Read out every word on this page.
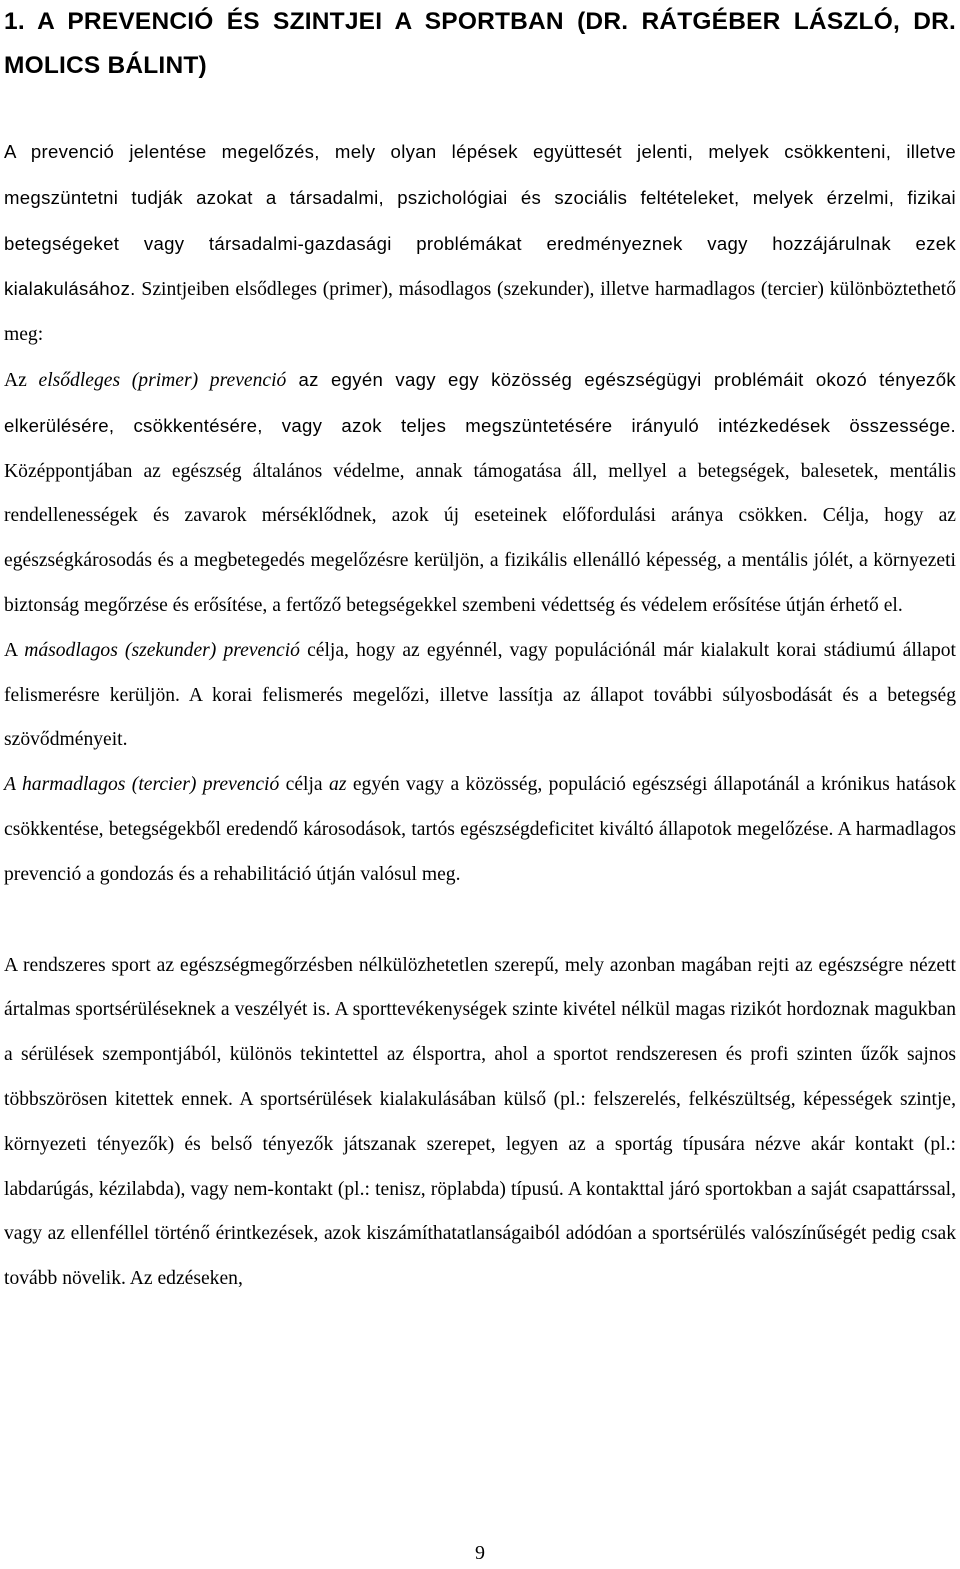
1. A PREVENCIÓ ÉS SZINTJEI A SPORTBAN (DR. RÁTGÉBER LÁSZLÓ, DR. MOLICS BÁLINT)

A prevenció jelentése megelőzés, mely olyan lépések együttesét jelenti, melyek csökkenteni, illetve megszüntetni tudják azokat a társadalmi, pszichológiai és szociális feltételeket, melyek érzelmi, fizikai betegségeket vagy társadalmi-gazdasági problémákat eredményeznek vagy hozzájárulnak ezek kialakulásához. Szintjeiben elsődleges (primer), másodlagos (szekunder), illetve harmadlagos (tercier) különböztethető meg:

Az elsődleges (primer) prevenció az egyén vagy egy közösség egészségügyi problémáit okozó tényezők elkerülésére, csökkentésére, vagy azok teljes megszüntetésére irányuló intézkedések összessége. Középpontjában az egészség általános védelme, annak támogatása áll, mellyel a betegségek, balesetek, mentális rendellenességek és zavarok mérséklődnek, azok új eseteinek előfordulási aránya csökken. Célja, hogy az egészségkárosodás és a megbetegedés megelőzésre kerüljön, a fizikális ellenálló képesség, a mentális jólét, a környezeti biztonság megőrzése és erősítése, a fertőző betegségekkel szembeni védettség és védelem erősítése útján érhető el.

A másodlagos (szekunder) prevenció célja, hogy az egyénnél, vagy populációnál már kialakult korai stádiumú állapot felismerésre kerüljön. A korai felismerés megelőzi, illetve lassítja az állapot további súlyosbodását és a betegség szövődményeit.

A harmadlagos (tercier) prevenció célja az egyén vagy a közösség, populáció egészségi állapotánál a krónikus hatások csökkentése, betegségekből eredendő károsodások, tartós egészségdeficitet kiváltó állapotok megelőzése. A harmadlagos prevenció a gondozás és a rehabilitáció útján valósul meg.

A rendszeres sport az egészségmegőrzésben nélkülözhetetlen szerepű, mely azonban magában rejti az egészségre nézett ártalmas sportsérüléseknek a veszélyét is. A sporttevékenységek szinte kivétel nélkül magas rizikót hordoznak magukban a sérülések szempontjából, különös tekintettel az élsportra, ahol a sportot rendszeresen és profi szinten űzők sajnos többszörösen kitettek ennek. A sportsérülések kialakulásában külső (pl.: felszerelés, felkészültség, képességek szintje, környezeti tényezők) és belső tényezők játszanak szerepet, legyen az a sportág típusára nézve akár kontakt (pl.: labdarúgás, kézilabda), vagy nem-kontakt (pl.: tenisz, röplabda) típusú. A kontakttal járó sportokban a saját csapattárssal, vagy az ellenféllel történő érintkezések, azok kiszámíthatatlanságaiból adódóan a sportsérülés valószínűségét pedig csak tovább növelik. Az edzéseken,

9
